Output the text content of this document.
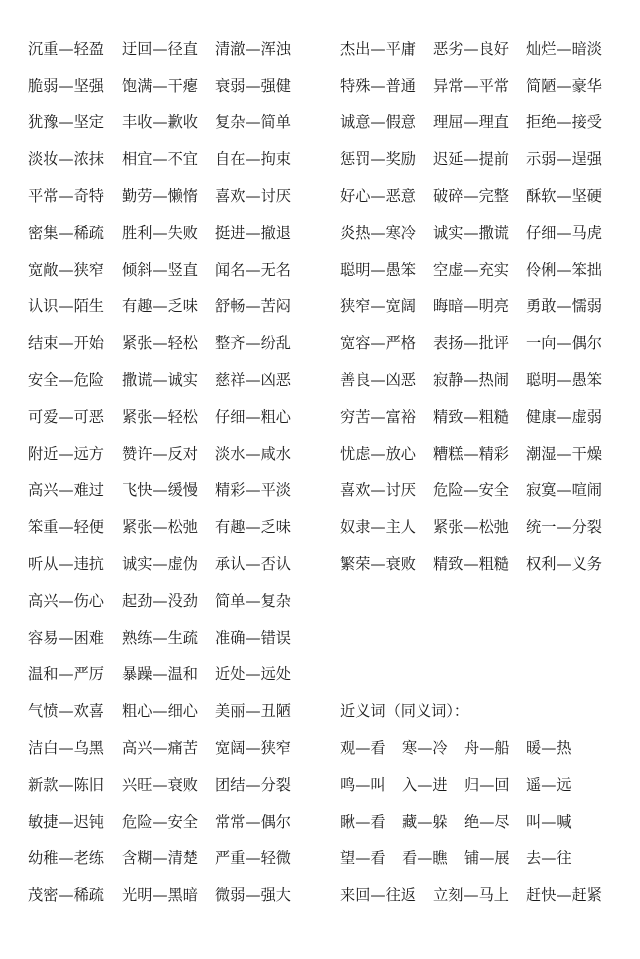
沉重—轻盈	迂回—径直	清澈—浑浊
脆弱—坚强	饱满—干瘪	衰弱—强健
犹豫—坚定	丰收—歉收	复杂—简单
淡妆—浓抹	相宜—不宜	自在—拘束
平常—奇特	勤劳—懒惰	喜欢—讨厌
密集—稀疏	胜利—失败	挺进—撤退
宽敞—狭窄	倾斜—竖直	闻名—无名
认识—陌生	有趣—乏味	舒畅—苦闷
结束—开始	紧张—轻松	整齐—纷乱
安全—危险	撒谎—诚实	慈祥—凶恶
可爱—可恶	紧张—轻松	仔细—粗心
附近—远方	赞许—反对	淡水—咸水
高兴—难过	飞快—缓慢	精彩—平淡
笨重—轻便	紧张—松弛	有趣—乏味
听从—违抗	诚实—虚伪	承认—否认
高兴—伤心	起劲—没劲	简单—复杂
容易—困难	熟练—生疏	准确—错误
温和—严厉	暴躁—温和	近处—远处
气愤—欢喜	粗心—细心	美丽—丑陋
洁白—乌黑	高兴—痛苦	宽阔—狭窄
新款—陈旧	兴旺—衰败	团结—分裂
敏捷—迟钝	危险—安全	常常—偶尔
幼稚—老练	含糊—清楚	严重—轻微
茂密—稀疏	光明—黑暗	微弱—强大
杰出—平庸	恶劣—良好	灿烂—暗淡
特殊—普通	异常—平常	简陋—豪华
诚意—假意	理屈—理直	拒绝—接受
惩罚—奖励	迟延—提前	示弱—逞强
好心—恶意	破碎—完整	酥软—坚硬
炎热—寒冷	诚实—撒谎	仔细—马虎
聪明—愚笨	空虚—充实	伶俐—笨拙
狭窄—宽阔	晦暗—明亮	勇敢—懦弱
宽容—严格	表扬—批评	一向—偶尔
善良—凶恶	寂静—热闹	聪明—愚笨
穷苦—富裕	精致—粗糙	健康—虚弱
忧虑—放心	糟糕—精彩	潮湿—干燥
喜欢—讨厌	危险—安全	寂寞—喧闹
奴隶—主人	紧张—松弛	统一—分裂
繁荣—衰败	精致—粗糙	权利—义务
近义词（同义词）：
观—看	寒—冷	舟—船	暖—热
鸣—叫	入—进	归—回	遥—远
瞅—看	藏—躲	绝—尽	叫—喊
望—看	看—瞧	铺—展	去—往
来回—往返	立刻—马上	赶快—赶紧
